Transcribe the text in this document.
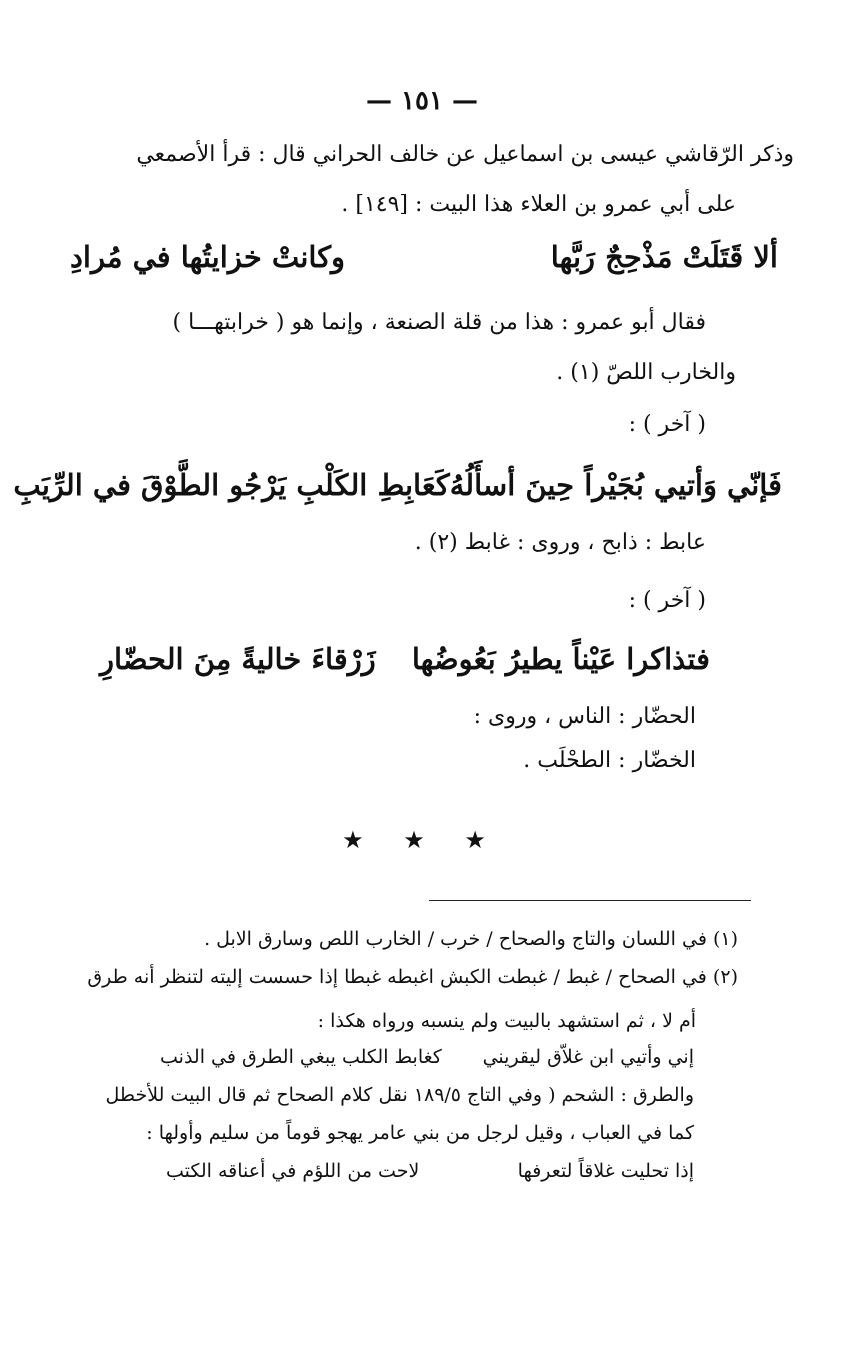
— ١٥١ —
وذكر الرّقاشي عيسى بن اسماعيل عن خالف الحراني قال : قرأ الأصمعي
على أبي عمرو بن العلاء هذا البيت : [١٤٩] .
ألا قَتَلَتْ مَذْحِجٌ رَبَّها
وكانتْ خزايتُها في مُرادِ
فقال أبو عمرو : هذا من قلة الصنعة ، وإنما هو ( خرابتهـــا )
والخارب اللصّ (١) .
( آخر ) :
فَإنّي وَأتيي بُجَيْراً حِينَ أسأَلُهُ
كَعَابِطِ الكَلْبِ يَرْجُو الطَّوْقَ في الرِّيَبِ
عابط : ذابح ، وروى : غابط (٢) .
( آخر ) :
فتذاكرا عَيْناً يطيرُ بَعُوضُها
زَرْقاءَ خاليةً مِنَ الحضّارِ
الحضّار : الناس ، وروى :
الخضّار : الطحْلَب .
★ ★ ★
(١) في اللسان والتاج والصحاح / خرب / الخارب اللص وسارق الابل .
(٢) في الصحاح / غبط / غبطت الكبش اغبطه غبطا إذا حسست إليته لتنظر أنه طرق
أم لا ، ثم استشهد بالبيت ولم ينسبه ورواه هكذا :
إني وأتيي ابن غلاّق ليقريني
كغابط الكلب يبغي الطرق في الذنب
والطرق : الشحم ( وفي التاج ١٨٩/٥ نقل كلام الصحاح ثم قال البيت للأخطل
كما في العباب ، وقيل لرجل من بني عامر يهجو قوماً من سليم وأولها :
إذا تحليت غلاقاً لتعرفها
لاحت من اللؤم في أعناقه الكتب
